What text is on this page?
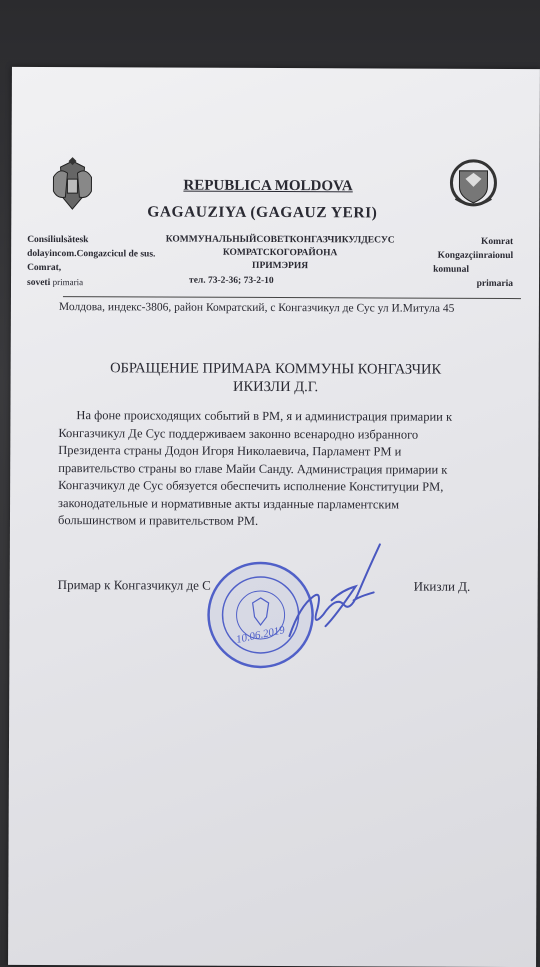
REPUBLICA MOLDOVA
GAGAUZIYA (GAGAUZ YERI)
Consiliulsătesk
dolayincom.Congazcicul de sus.
Comrat,
soveti primaria
КОММУНАЛЬНЫЙСОВЕТКОНГАЗЧИКУЛДЕСУС
КОМРАТСКОГОРАЙОНА
ПРИМЭРИЯ
тел. 73-2-36; 73-2-10
Komrat
Kongazçiinraionul
komunal
primaria
Молдова, индекс-3806, район Комратский, с Конгазчикул де Сус ул И.Митула 45
ОБРАЩЕНИЕ ПРИМАРА КОММУНЫ КОНГАЗЧИК
ИКИЗЛИ Д.Г.
На фоне происходящих событий в РМ, я и администрация примарии к
Конгазчикул Де Сус поддерживаем законно всенародно избранного
Президента страны Додон Игоря Николаевича, Парламент РМ и
правительство страны во главе Майи Санду. Администрация примарии к
Конгазчикул де Сус обязуется обеспечить исполнение Конституции РМ,
законодательные и нормативные акты изданные парламентским
большинством и правительством РМ.
Примар к Конгазчикул де С	Икизли Д.
10.06.2019
